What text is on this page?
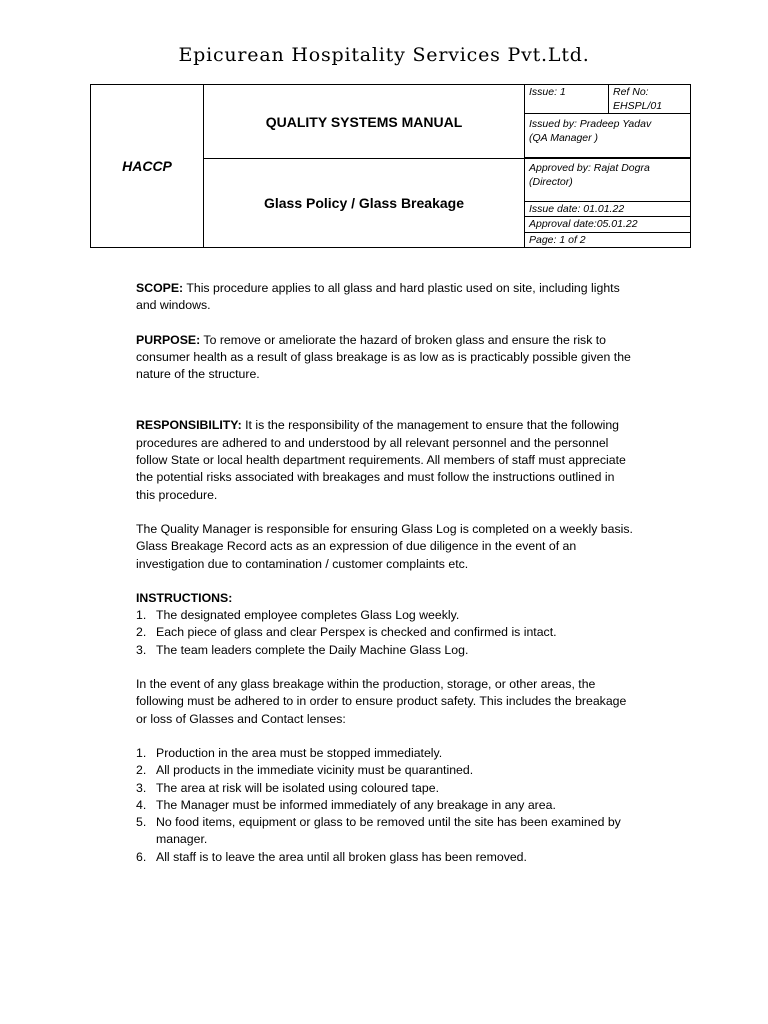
Epicurean Hospitality Services Pvt.Ltd.
HACCP	QUALITY SYSTEMS MANUAL	Issue: 1	Ref No:
EHSPL/01

		Issued by: Pradeep Yadav
(QA Manager )	

	Glass Policy / Glass Breakage	Approved by: Rajat Dogra
(Director)	

		Issue date: 01.01.22	

		Approval date:05.01.22
Page: 1 of 2	

SCOPE: This procedure applies to all glass and hard plastic used on site, including lights and windows.

PURPOSE: To remove or ameliorate the hazard of broken glass and ensure the risk to consumer health as a result of glass breakage is as low as is practicably possible given the nature of the structure.

RESPONSIBILITY: It is the responsibility of the management to ensure that the following procedures are adhered to and understood by all relevant personnel and the personnel follow State or local health department requirements. All members of staff must appreciate the potential risks associated with breakages and must follow the instructions outlined in this procedure.

The Quality Manager is responsible for ensuring Glass Log is completed on a weekly basis.
Glass Breakage Record acts as an expression of due diligence in the event of an investigation due to contamination / customer complaints etc.

INSTRUCTIONS:
1. The designated employee completes Glass Log weekly.
2. Each piece of glass and clear Perspex is checked and confirmed is intact.
3. The team leaders complete the Daily Machine Glass Log.

In the event of any glass breakage within the production, storage, or other areas, the following must be adhered to in order to ensure product safety. This includes the breakage or loss of Glasses and Contact lenses:

1. Production in the area must be stopped immediately.
2. All products in the immediate vicinity must be quarantined.
3. The area at risk will be isolated using coloured tape.
4. The Manager must be informed immediately of any breakage in any area.
5. No food items, equipment or glass to be removed until the site has been examined by manager.
6. All staff is to leave the area until all broken glass has been removed.
